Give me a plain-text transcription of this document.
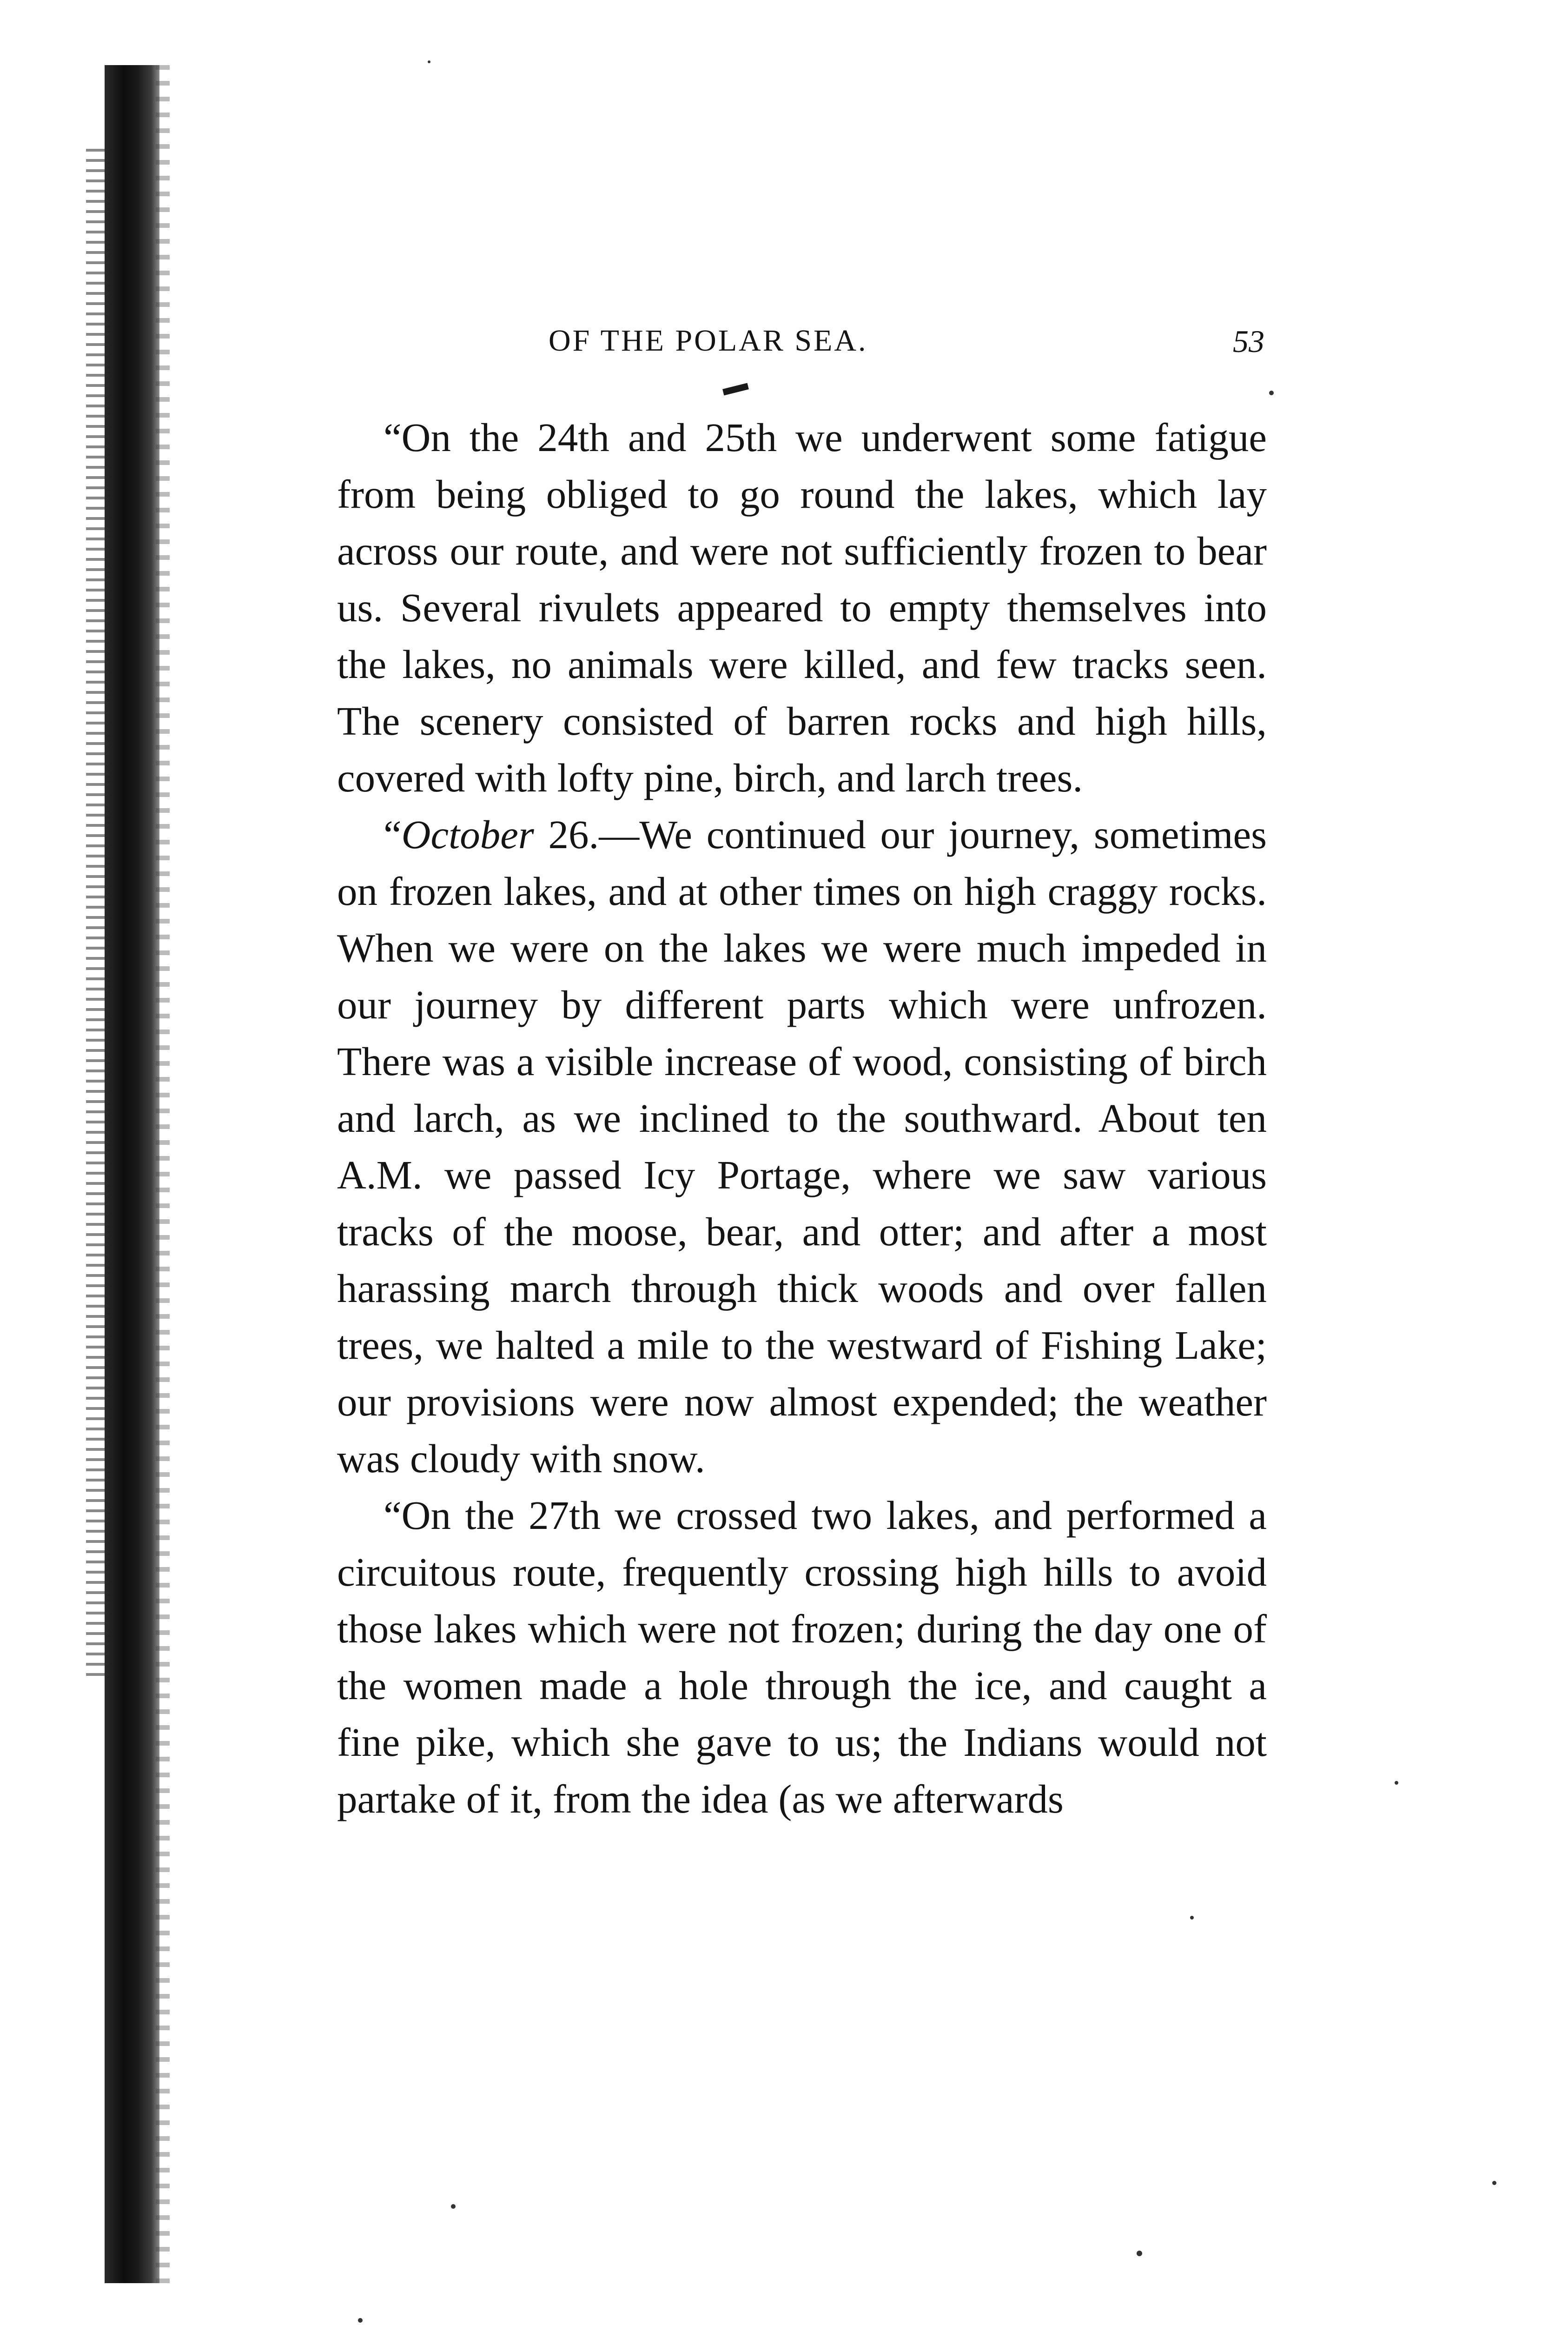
OF THE POLAR SEA.	53

“On the 24th and 25th we underwent some fatigue from being obliged to go round the lakes, which lay across our route, and were not sufficiently frozen to bear us. Several rivulets appeared to empty themselves into the lakes, no animals were killed, and few tracks seen. The scenery consisted of barren rocks and high hills, covered with lofty pine, birch, and larch trees.

“October 26.—We continued our journey, sometimes on frozen lakes, and at other times on high craggy rocks. When we were on the lakes we were much impeded in our journey by different parts which were unfrozen. There was a visible increase of wood, consisting of birch and larch, as we inclined to the southward. About ten A.M. we passed Icy Portage, where we saw various tracks of the moose, bear, and otter; and after a most harassing march through thick woods and over fallen trees, we halted a mile to the westward of Fishing Lake; our provisions were now almost expended; the weather was cloudy with snow.

“On the 27th we crossed two lakes, and performed a circuitous route, frequently crossing high hills to avoid those lakes which were not frozen; during the day one of the women made a hole through the ice, and caught a fine pike, which she gave to us; the Indians would not partake of it, from the idea (as we afterwards
